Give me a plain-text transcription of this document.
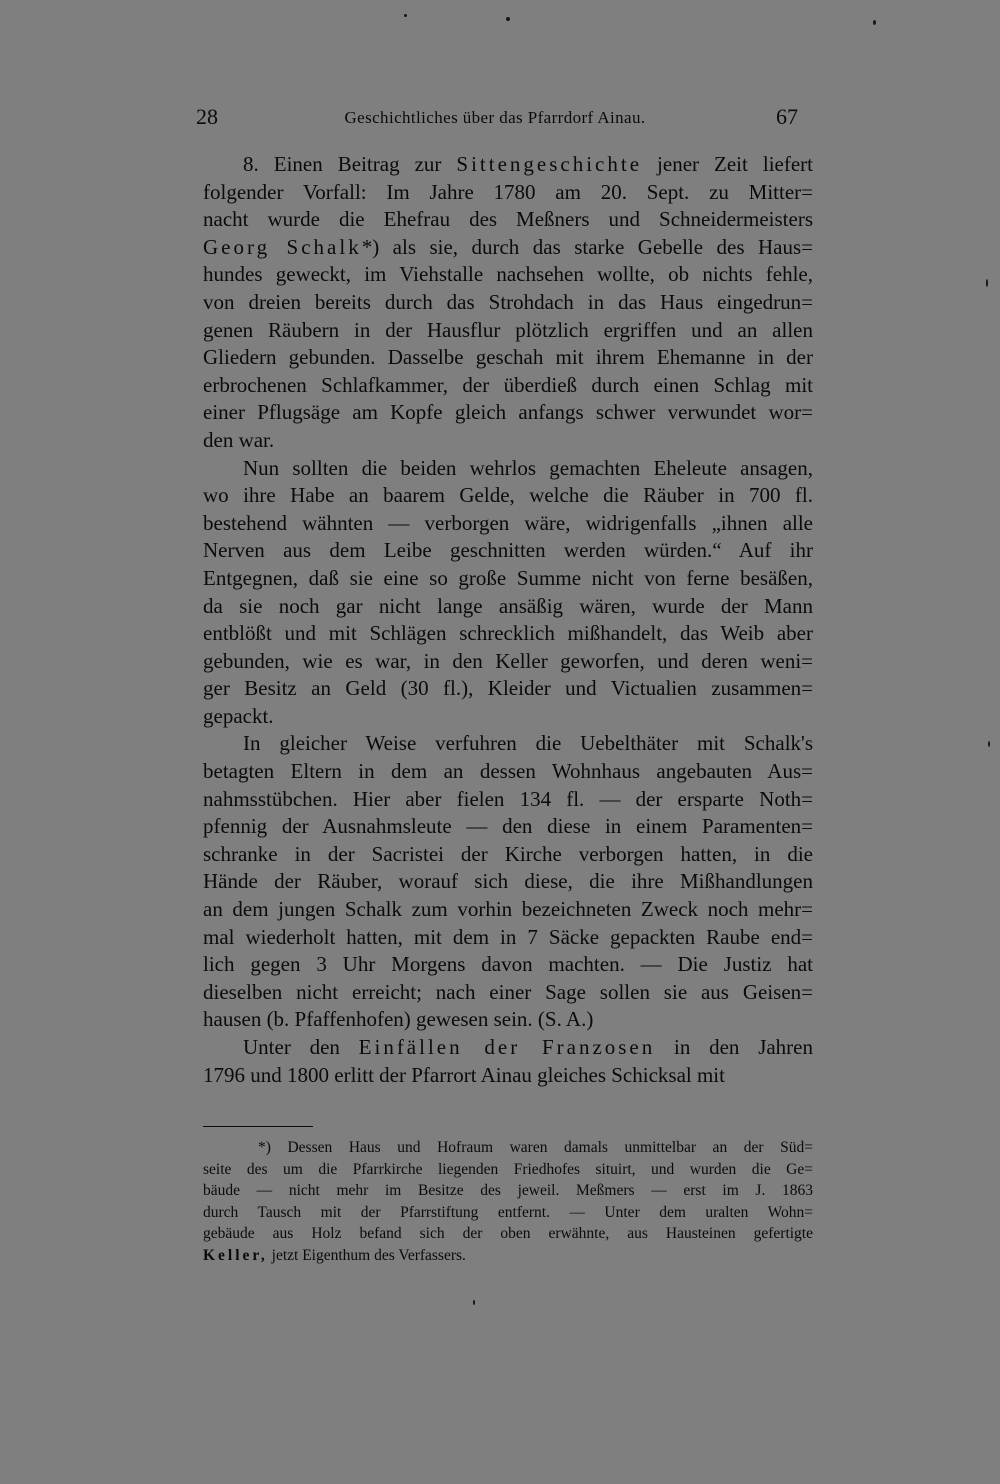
28	Geschichtliches über das Pfarrdorf Ainau.	67
8. Einen Beitrag zur Sittengeschichte jener Zeit liefert
folgender Vorfall: Im Jahre 1780 am 20. Sept. zu Mitter=
nacht wurde die Ehefrau des Meßners und Schneidermeisters
Georg Schalk*) als sie, durch das starke Gebelle des Haus=
hundes geweckt, im Viehstalle nachsehen wollte, ob nichts fehle,
von dreien bereits durch das Strohdach in das Haus eingedrun=
genen Räubern in der Hausflur plötzlich ergriffen und an allen
Gliedern gebunden. Dasselbe geschah mit ihrem Ehemanne in der
erbrochenen Schlafkammer, der überdieß durch einen Schlag mit
einer Pflugsäge am Kopfe gleich anfangs schwer verwundet wor=
den war.
Nun sollten die beiden wehrlos gemachten Eheleute ansagen,
wo ihre Habe an baarem Gelde, welche die Räuber in 700 fl.
bestehend wähnten — verborgen wäre, widrigenfalls „ihnen alle
Nerven aus dem Leibe geschnitten werden würden.“ Auf ihr
Entgegnen, daß sie eine so große Summe nicht von ferne besäßen,
da sie noch gar nicht lange ansäßig wären, wurde der Mann
entblößt und mit Schlägen schrecklich mißhandelt, das Weib aber
gebunden, wie es war, in den Keller geworfen, und deren weni=
ger Besitz an Geld (30 fl.), Kleider und Victualien zusammen=
gepackt.
In gleicher Weise verfuhren die Uebelthäter mit Schalk's
betagten Eltern in dem an dessen Wohnhaus angebauten Aus=
nahmsstübchen. Hier aber fielen 134 fl. — der ersparte Noth=
pfennig der Ausnahmsleute — den diese in einem Paramenten=
schranke in der Sacristei der Kirche verborgen hatten, in die
Hände der Räuber, worauf sich diese, die ihre Mißhandlungen
an dem jungen Schalk zum vorhin bezeichneten Zweck noch mehr=
mal wiederholt hatten, mit dem in 7 Säcke gepackten Raube end=
lich gegen 3 Uhr Morgens davon machten. — Die Justiz hat
dieselben nicht erreicht; nach einer Sage sollen sie aus Geisen=
hausen (b. Pfaffenhofen) gewesen sein. (S. A.)
Unter den Einfällen der Franzosen in den Jahren
1796 und 1800 erlitt der Pfarrort Ainau gleiches Schicksal mit
*) Dessen Haus und Hofraum waren damals unmittelbar an der Süd=
seite des um die Pfarrkirche liegenden Friedhofes situirt, und wurden die Ge=
bäude — nicht mehr im Besitze des jeweil. Meßmers — erst im J. 1863
durch Tausch mit der Pfarrstiftung entfernt. — Unter dem uralten Wohn=
gebäude aus Holz befand sich der oben erwähnte, aus Hausteinen gefertigte
Keller, jetzt Eigenthum des Verfassers.
